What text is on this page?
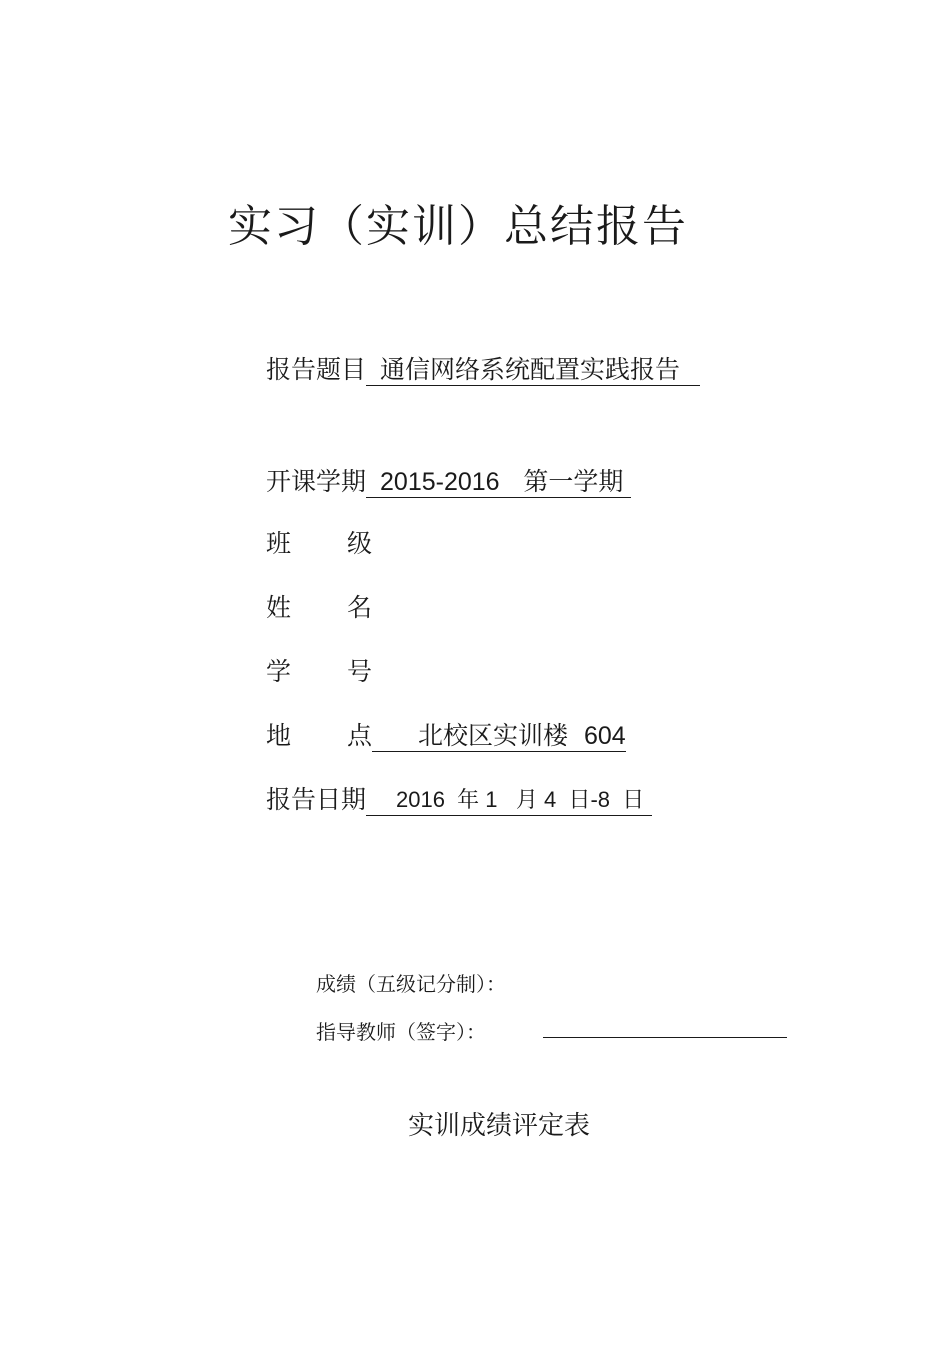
实习（实训）总结报告
报告题目 通信网络系统配置实践报告
开课学期 2015-2016 第一学期
班 级
姓 名
学 号
地 点	北校区实训楼 604
报告日期	2016  年 1   月 4  日-8  日
成绩（五级记分制）：
指导教师（签字）：
实训成绩评定表
